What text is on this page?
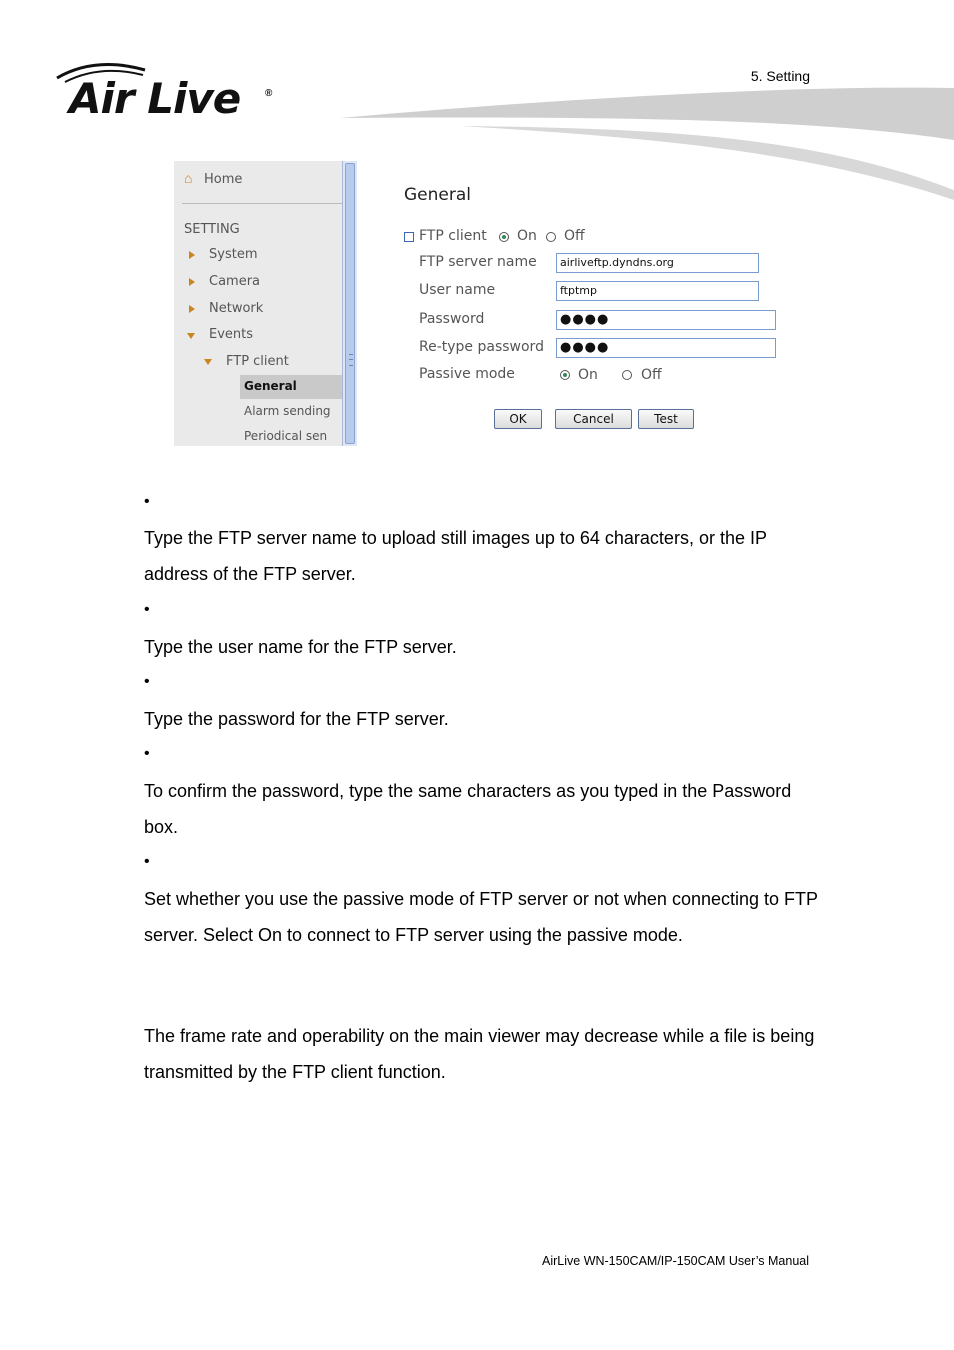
Air Live ®
5. Setting
⌂ Home
SETTING
System
Camera
Network
Events
FTP client
General
Alarm sending
Periodical sen
General
FTP client On Off
FTP server name	airliveftp.dyndns.org
User name	ftptmp
Password	●●●●
Re-type password	●●●●
Passive mode	On	Off
OK	Cancel	Test
•
Type the FTP server name to upload still images up to 64 characters, or the IP address of the FTP server.
•
Type the user name for the FTP server.
•
Type the password for the FTP server.
•
To confirm the password, type the same characters as you typed in the Password box.
•
Set whether you use the passive mode of FTP server or not when connecting to FTP server. Select On to connect to FTP server using the passive mode.
The frame rate and operability on the main viewer may decrease while a file is being transmitted by the FTP client function.
AirLive WN-150CAM/IP-150CAM User’s Manual
